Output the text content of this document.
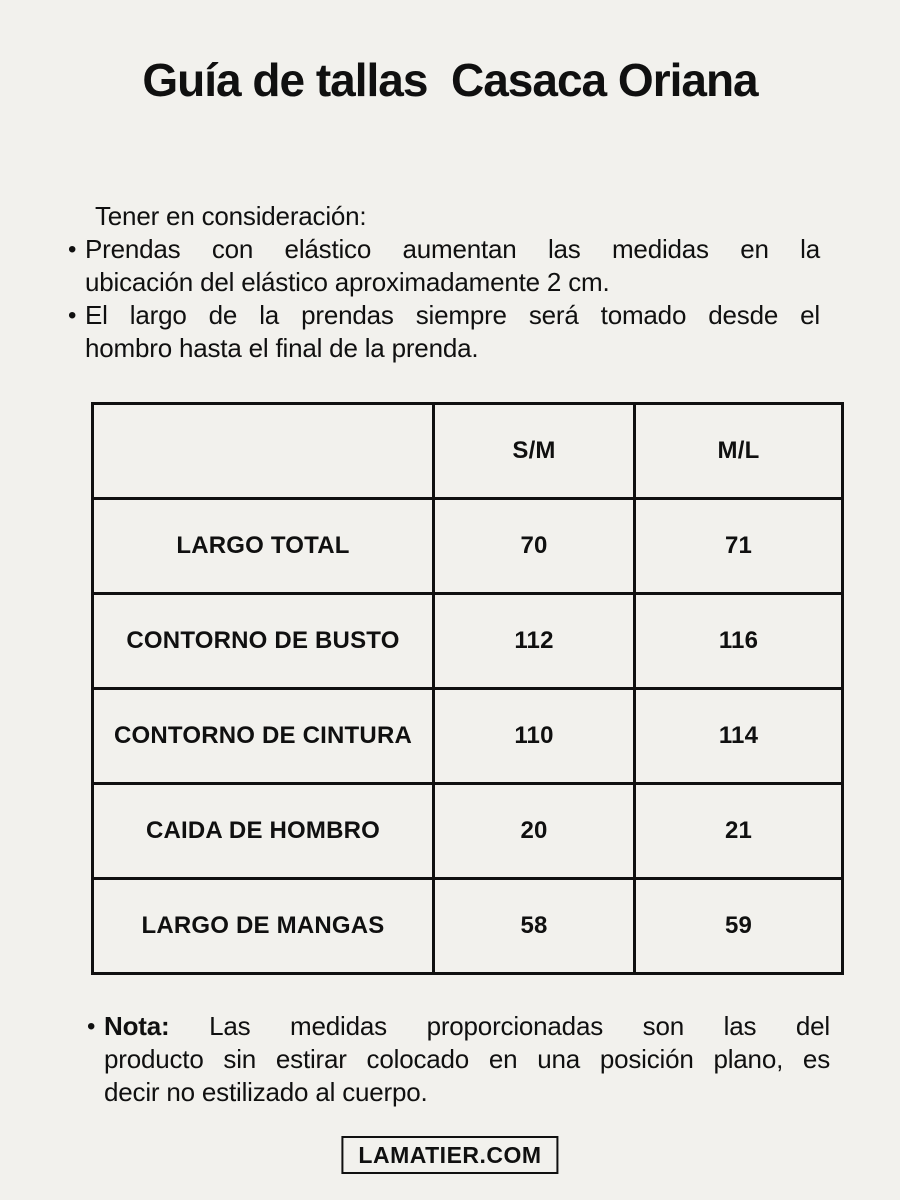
Guía de tallas  Casaca Oriana

Tener en consideración:

• Prendas con elástico aumentan las medidas en la
ubicación del elástico aproximadamente 2 cm.
• El largo de la prendas siempre será tomado desde el
hombro hasta el final de la prenda.
	S/M	M/L
LARGO TOTAL	70	71
CONTORNO DE BUSTO	112	116
CONTORNO DE CINTURA	110	114
CAIDA DE HOMBRO	20	21
LARGO DE MANGAS	58	59
• Nota: Las medidas proporcionadas son las del
producto sin estirar colocado en una posición plano, es
decir no estilizado al cuerpo.
LAMATIER.COM
